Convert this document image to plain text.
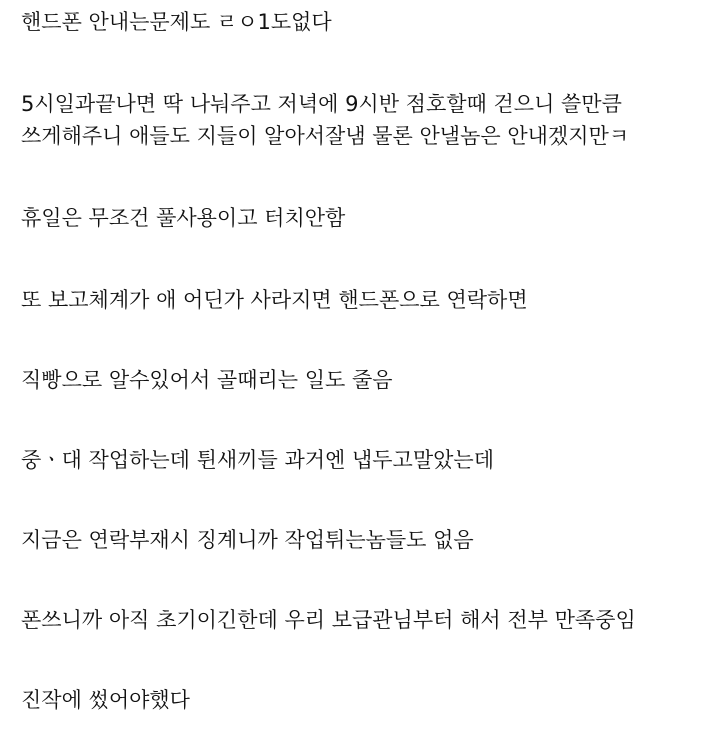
핸드폰 안내는문제도 ㄹㅇ1도없다

5시일과끝나면 딱 나눠주고 저녁에 9시반 점호할때 걷으니 쓸만큼

쓰게해주니 애들도 지들이 알아서잘냄 물론 안낼놈은 안내겠지만ㅋ

휴일은 무조건 풀사용이고 터치안함

또 보고체계가 애 어딘가 사라지면 핸드폰으로 연락하면

직빵으로 알수있어서 골때리는 일도 줄음

중ㆍ대 작업하는데 튄새끼들 과거엔 냅두고말았는데

지금은 연락부재시 징계니까 작업튀는놈들도 없음

폰쓰니까 아직 초기이긴한데 우리 보급관님부터 해서 전부 만족중임

진작에 썼어야했다
